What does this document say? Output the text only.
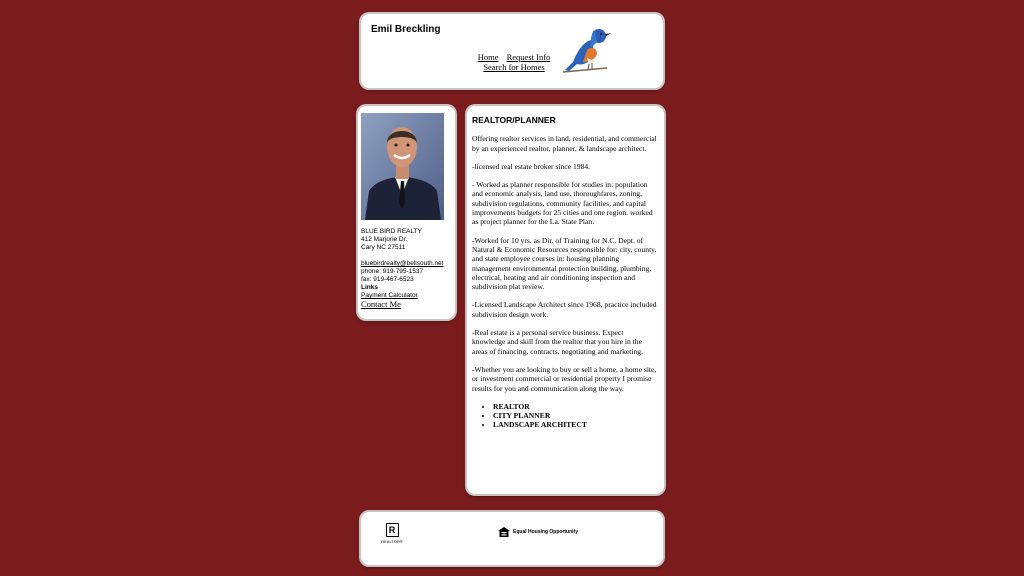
Emil Breckling
Home Request Info
Search for Homes
BLUE BIRD REALTY
412 Marjorie Dr.
Cary NC 27511
bluebirdrealty@bellsouth.net
phone: 919-795-1537
fax: 919-467-6523
Links
Payment Calculator
Contact Me
REALTOR/PLANNER

Offering realtor services in land, residential, and commercial by an experienced realtor, planner, & landscape architect.

-licensed real estate broker since 1984.

- Worked as planner responsible for studies in: population and economic analysis, land use, thoroughfares, zoning, subdivision regulations, community facilities, and capital improvements budgets for 25 cities and one region. worked as project planner for the La. State Plan.

-Worked for 10 yrs. as Dir. of Training for N.C. Dept. of Natural & Economic Resources responsible for: city, county, and state employee courses in: housing planning management environmental protection building, plumbing, electrical, heating and air conditioning inspection and subdivision plat review.

-Licensed Landscape Architect since 1968, practice included subdivision design work.

-Real estate is a personal service business. Expect knowledge and skill from the realtor that you hire in the areas of financing, contracts, negotiating and marketing.

-Whether you are looking to buy or sell a home, a home site, or investment commercial or residential property I promise results for you and communication along the way.

• REALTOR
• CITY PLANNER
• LANDSCAPE ARCHITECT
R
REALTOR®
Equal Housing Opportunity
